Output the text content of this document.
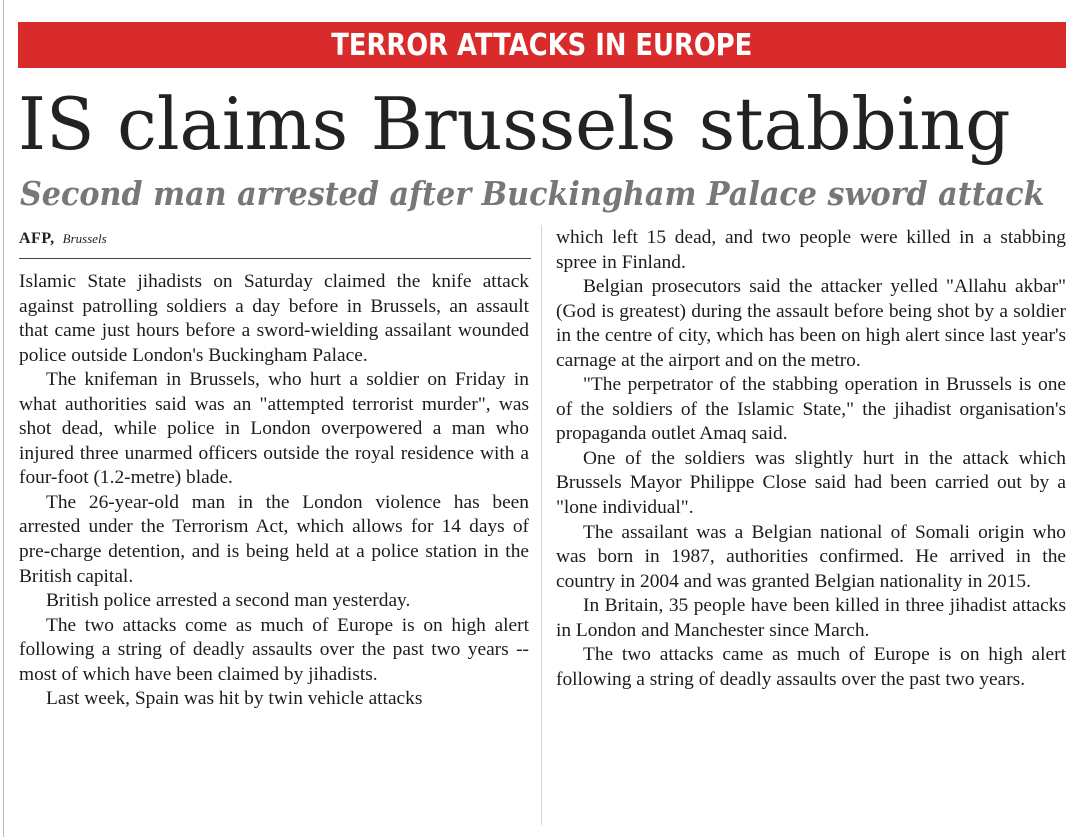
TERROR ATTACKS IN EUROPE
IS claims Brussels stabbing
Second man arrested after Buckingham Palace sword attack
AFP, Brussels

Islamic State jihadists on Saturday claimed the knife attack against patrolling soldiers a day before in Brussels, an assault that came just hours before a sword-wielding assailant wounded police outside London's Buckingham Palace.

The knifeman in Brussels, who hurt a soldier on Friday in what authorities said was an "attempted terrorist murder", was shot dead, while police in London overpowered a man who injured three unarmed officers outside the royal residence with a four-foot (1.2-metre) blade.

The 26-year-old man in the London violence has been arrested under the Terrorism Act, which allows for 14 days of pre-charge detention, and is being held at a police station in the British capital.

British police arrested a second man yesterday.

The two attacks come as much of Europe is on high alert following a string of deadly assaults over the past two years -- most of which have been claimed by jihadists.

Last week, Spain was hit by twin vehicle attacks

which left 15 dead, and two people were killed in a stabbing spree in Finland.

Belgian prosecutors said the attacker yelled "Allahu akbar" (God is greatest) during the assault before being shot by a soldier in the centre of city, which has been on high alert since last year's carnage at the airport and on the metro.

"The perpetrator of the stabbing operation in Brussels is one of the soldiers of the Islamic State," the jihadist organisation's propaganda outlet Amaq said.

One of the soldiers was slightly hurt in the attack which Brussels Mayor Philippe Close said had been carried out by a "lone individual".

The assailant was a Belgian national of Somali origin who was born in 1987, authorities confirmed. He arrived in the country in 2004 and was granted Belgian nationality in 2015.

In Britain, 35 people have been killed in three jihadist attacks in London and Manchester since March.

The two attacks came as much of Europe is on high alert following a string of deadly assaults over the past two years.
